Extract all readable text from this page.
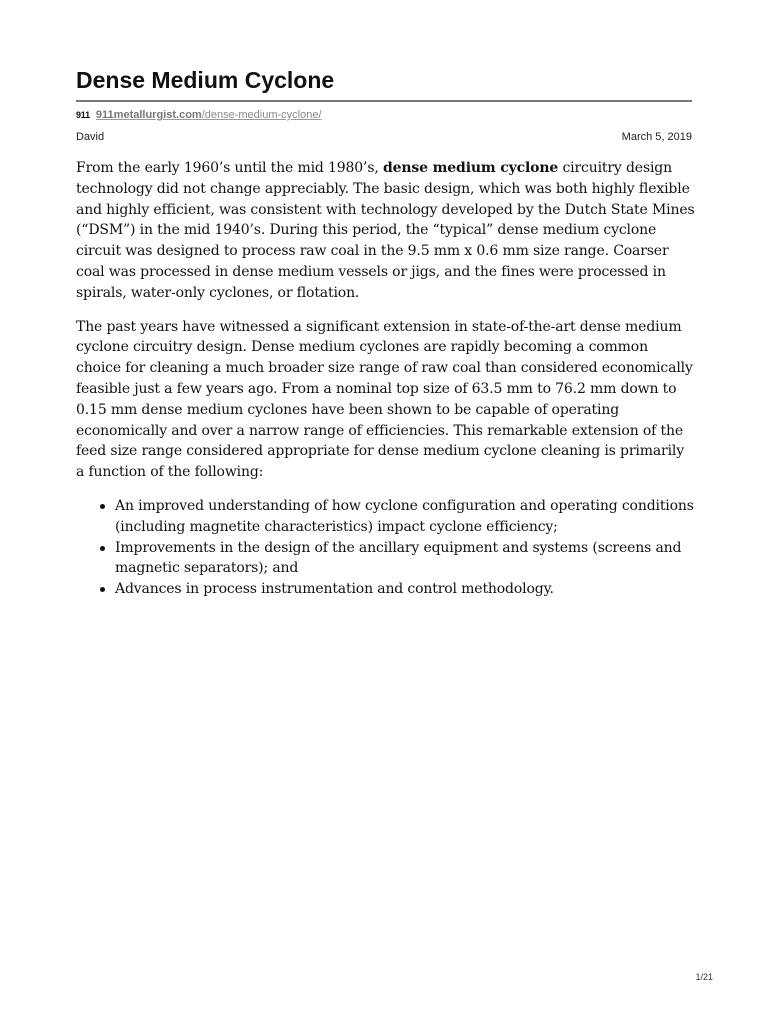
Dense Medium Cyclone
911 911metallurgist.com/dense-medium-cyclone/
David	March 5, 2019

From the early 1960’s until the mid 1980’s, dense medium cyclone circuitry design technology did not change appreciably. The basic design, which was both highly flexible and highly efficient, was consistent with technology developed by the Dutch State Mines (“DSM”) in the mid 1940’s. During this period, the “typical” dense medium cyclone circuit was designed to process raw coal in the 9.5 mm x 0.6 mm size range. Coarser coal was processed in dense medium vessels or jigs, and the fines were processed in spirals, water-only cyclones, or flotation.

The past years have witnessed a significant extension in state-of-the-art dense medium cyclone circuitry design. Dense medium cyclones are rapidly becoming a common choice for cleaning a much broader size range of raw coal than considered economically feasible just a few years ago. From a nominal top size of 63.5 mm to 76.2 mm down to 0.15 mm dense medium cyclones have been shown to be capable of operating economically and over a narrow range of efficiencies. This remarkable extension of the feed size range considered appropriate for dense medium cyclone cleaning is primarily a function of the following:

An improved understanding of how cyclone configuration and operating conditions (including magnetite characteristics) impact cyclone efficiency;
Improvements in the design of the ancillary equipment and systems (screens and magnetic separators); and
Advances in process instrumentation and control methodology.
1/21
